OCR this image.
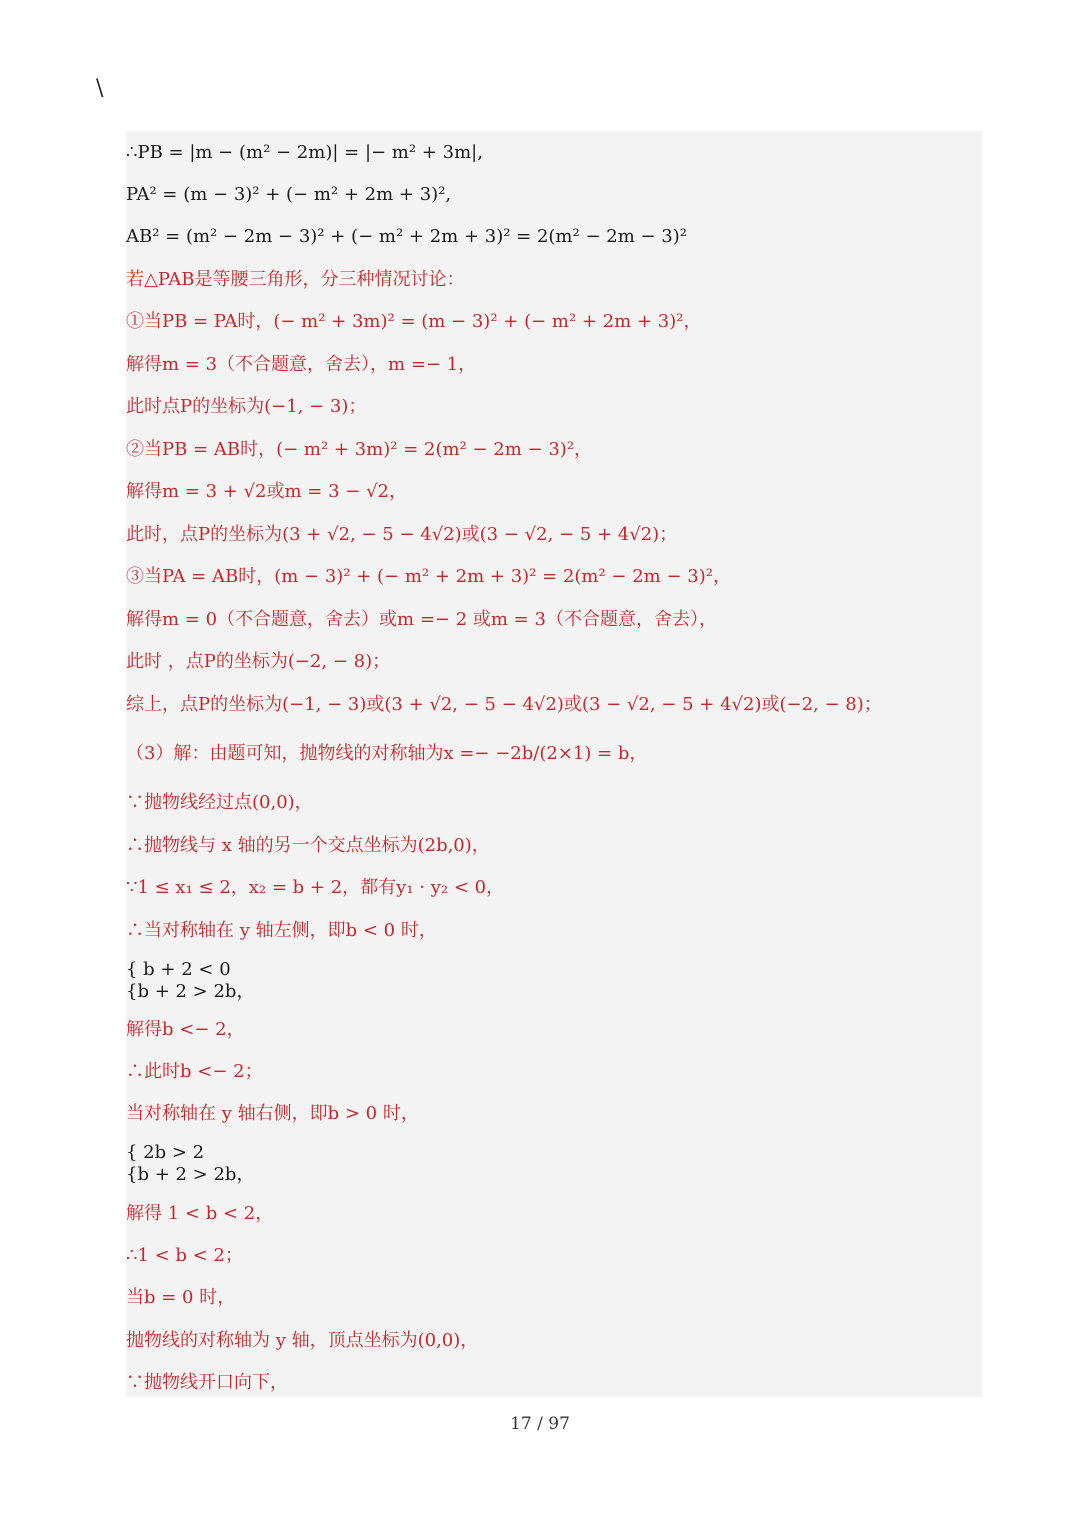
\
∴PB = |m − (m² − 2m)| = |− m² + 3m|,
PA² = (m − 3)² + (− m² + 2m + 3)²,
AB² = (m² − 2m − 3)² + (− m² + 2m + 3)² = 2(m² − 2m − 3)²
若△PAB是等腰三角形，分三种情况讨论：
①当PB = PA时，(− m² + 3m)² = (m − 3)² + (− m² + 2m + 3)²，
解得m = 3（不合题意，舍去），m =− 1，
此时点P的坐标为(−1, − 3)；
②当PB = AB时，(− m² + 3m)² = 2(m² − 2m − 3)²，
解得m = 3 + √2或m = 3 − √2，
此时，点P的坐标为(3 + √2, − 5 − 4√2)或(3 − √2, − 5 + 4√2)；
③当PA = AB时，(m − 3)² + (− m² + 2m + 3)² = 2(m² − 2m − 3)²，
解得m = 0（不合题意，舍去）或m =− 2 或m = 3（不合题意，舍去），
此时 ，点P的坐标为(−2, − 8)；
综上，点P的坐标为(−1, − 3)或(3 + √2, − 5 − 4√2)或(3 − √2, − 5 + 4√2)或(−2, − 8)；
（3）解：由题可知，抛物线的对称轴为x =− −2b/(2×1) = b，
∵抛物线经过点(0,0)，
∴抛物线与 x 轴的另一个交点坐标为(2b,0)，
∵1 ≤ x₁ ≤ 2，x₂ = b + 2，都有y₁ · y₂ < 0，
∴当对称轴在 y 轴左侧，即b < 0 时，
{ b + 2 < 0
{b + 2 > 2b，
解得b <− 2，
∴此时b <− 2；
当对称轴在 y 轴右侧，即b > 0 时，
{ 2b > 2
{b + 2 > 2b，
解得 1 < b < 2，
∴1 < b < 2；
当b = 0 时，
抛物线的对称轴为 y 轴，顶点坐标为(0,0)，
∵抛物线开口向下，
17 / 97
